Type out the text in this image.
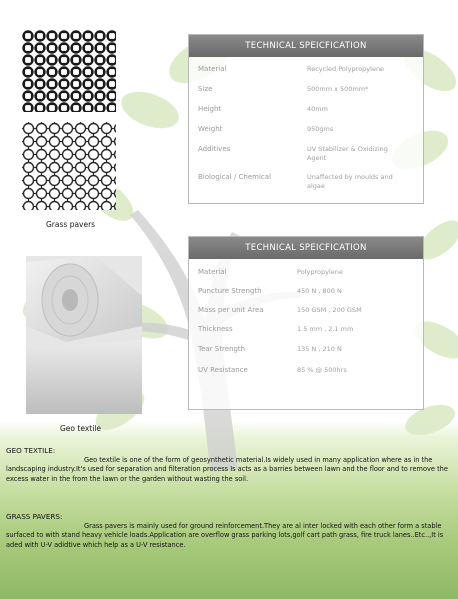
Grass pavers
Geo textile
TECHNICAL SPEICFICATION
Material	Recycled Polypropylene
Size	500mm x 500mm*
Height	40mm
Weight	950gms
Additives	UV Stabilizer & Oxidizing Agent
Biological / Chemical	Unaffected by moulds and algae
TECHNICAL SPEICFICATION
Material	Polypropylene
Puncture Strength	450 N , 800 N
Mass per unit Area	150 GSM , 200 GSM
Thickness	1.5 mm , 2.1 mm
Tear Strength	135 N , 210 N
UV Resistance	85 % @ 500hrs
GEO TEXTILE:
Geo textile is one of the form of geosynthetic material.Is widely used in many application where as in the landscaping industry.It's used for separation and filteration process Is acts as a barries between lawn and the floor and to remove the excess water in the from the lawn or the garden without wasting the soil.
GRASS PAVERS:
Grass pavers is mainly used for ground reinforcement.They are al inter locked with each other form a stable surfaced to with stand heavy vehicle loads.Application are overflow grass parking lots,golf cart path grass, fire truck lanes..Etc..,It is aded with U-V adidtive which help as a U-V resistance.
